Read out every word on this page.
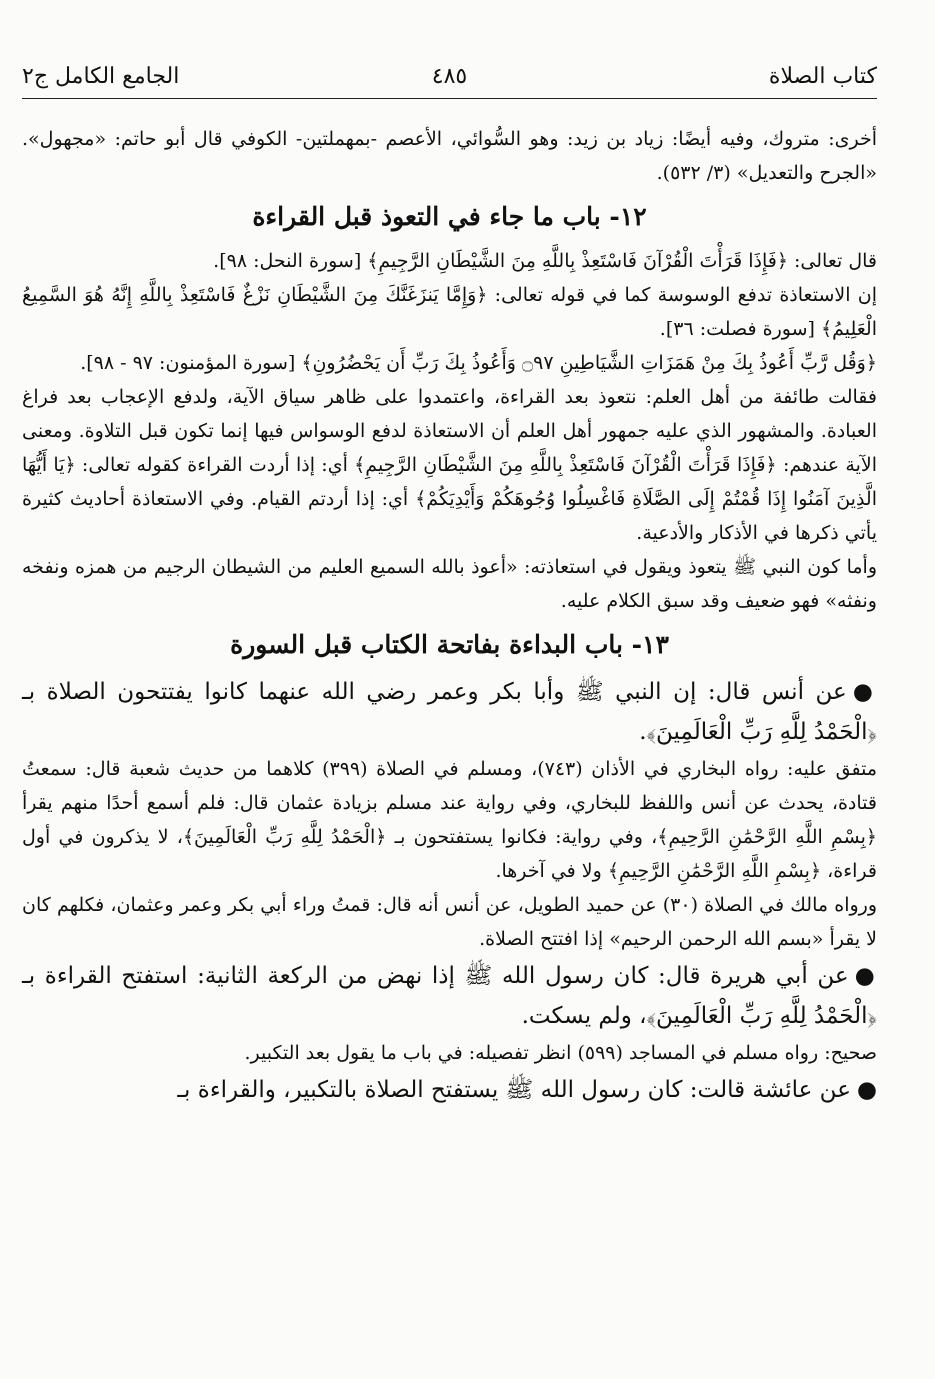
كتاب الصلاة
٤٨٥
الجامع الكامل ج٢

أخرى: متروك، وفيه أيضًا: زياد بن زيد: وهو السُّوائي، الأعصم -بمهملتين- الكوفي قال أبو حاتم: «مجهول». «الجرح والتعديل» (٣/ ٥٣٢).

١٢- باب ما جاء في التعوذ قبل القراءة

قال تعالى: ﴿فَإِذَا قَرَأْتَ الْقُرْآنَ فَاسْتَعِذْ بِاللَّهِ مِنَ الشَّيْطَانِ الرَّجِيمِ﴾ [سورة النحل: ٩٨].

إن الاستعاذة تدفع الوسوسة كما في قوله تعالى: ﴿وَإِمَّا يَنزَغَنَّكَ مِنَ الشَّيْطَانِ نَزْغٌ فَاسْتَعِذْ بِاللَّهِ إِنَّهُ هُوَ السَّمِيعُ الْعَلِيمُ﴾ [سورة فصلت: ٣٦].

﴿وَقُل رَّبِّ أَعُوذُ بِكَ مِنْ هَمَزَاتِ الشَّيَاطِينِ ۝٩٧ وَأَعُوذُ بِكَ رَبِّ أَن يَحْضُرُونِ﴾ [سورة المؤمنون: ٩٧ - ٩٨].

فقالت طائفة من أهل العلم: نتعوذ بعد القراءة، واعتمدوا على ظاهر سياق الآية، ولدفع الإعجاب بعد فراغ العبادة. والمشهور الذي عليه جمهور أهل العلم أن الاستعاذة لدفع الوسواس فيها إنما تكون قبل التلاوة. ومعنى الآية عندهم: ﴿فَإِذَا قَرَأْتَ الْقُرْآنَ فَاسْتَعِذْ بِاللَّهِ مِنَ الشَّيْطَانِ الرَّجِيمِ﴾ أي: إذا أردت القراءة كقوله تعالى: ﴿يَا أَيُّهَا الَّذِينَ آمَنُوا إِذَا قُمْتُمْ إِلَى الصَّلَاةِ فَاغْسِلُوا وُجُوهَكُمْ وَأَيْدِيَكُمْ﴾ أي: إذا أردتم القيام. وفي الاستعاذة أحاديث كثيرة يأتي ذكرها في الأذكار والأدعية.

وأما كون النبي ﷺ يتعوذ ويقول في استعاذته: «أعوذ بالله السميع العليم من الشيطان الرجيم من همزه ونفخه ونفثه» فهو ضعيف وقد سبق الكلام عليه.

١٣- باب البداءة بفاتحة الكتاب قبل السورة

●عن أنس قال: إن النبي ﷺ وأبا بكر وعمر رضي الله عنهما كانوا يفتتحون الصلاة بـ ﴿الْحَمْدُ لِلَّهِ رَبِّ الْعَالَمِينَ﴾.

متفق عليه: رواه البخاري في الأذان (٧٤٣)، ومسلم في الصلاة (٣٩٩) كلاهما من حديث شعبة قال: سمعتُ قتادة، يحدث عن أنس واللفظ للبخاري، وفي رواية عند مسلم بزيادة عثمان قال: فلم أسمع أحدًا منهم يقرأ ﴿بِسْمِ اللَّهِ الرَّحْمَٰنِ الرَّحِيمِ﴾، وفي رواية: فكانوا يستفتحون بـ ﴿الْحَمْدُ لِلَّهِ رَبِّ الْعَالَمِينَ﴾، لا يذكرون في أول قراءة، ﴿بِسْمِ اللَّهِ الرَّحْمَٰنِ الرَّحِيمِ﴾ ولا في آخرها.

ورواه مالك في الصلاة (٣٠) عن حميد الطويل، عن أنس أنه قال: قمتُ وراء أبي بكر وعمر وعثمان، فكلهم كان لا يقرأ «بسم الله الرحمن الرحيم» إذا افتتح الصلاة.

●عن أبي هريرة قال: كان رسول الله ﷺ إذا نهض من الركعة الثانية: استفتح القراءة بـ ﴿الْحَمْدُ لِلَّهِ رَبِّ الْعَالَمِينَ﴾، ولم يسكت.

صحيح: رواه مسلم في المساجد (٥٩٩) انظر تفصيله: في باب ما يقول بعد التكبير.

●عن عائشة قالت: كان رسول الله ﷺ يستفتح الصلاة بالتكبير، والقراءة بـ
